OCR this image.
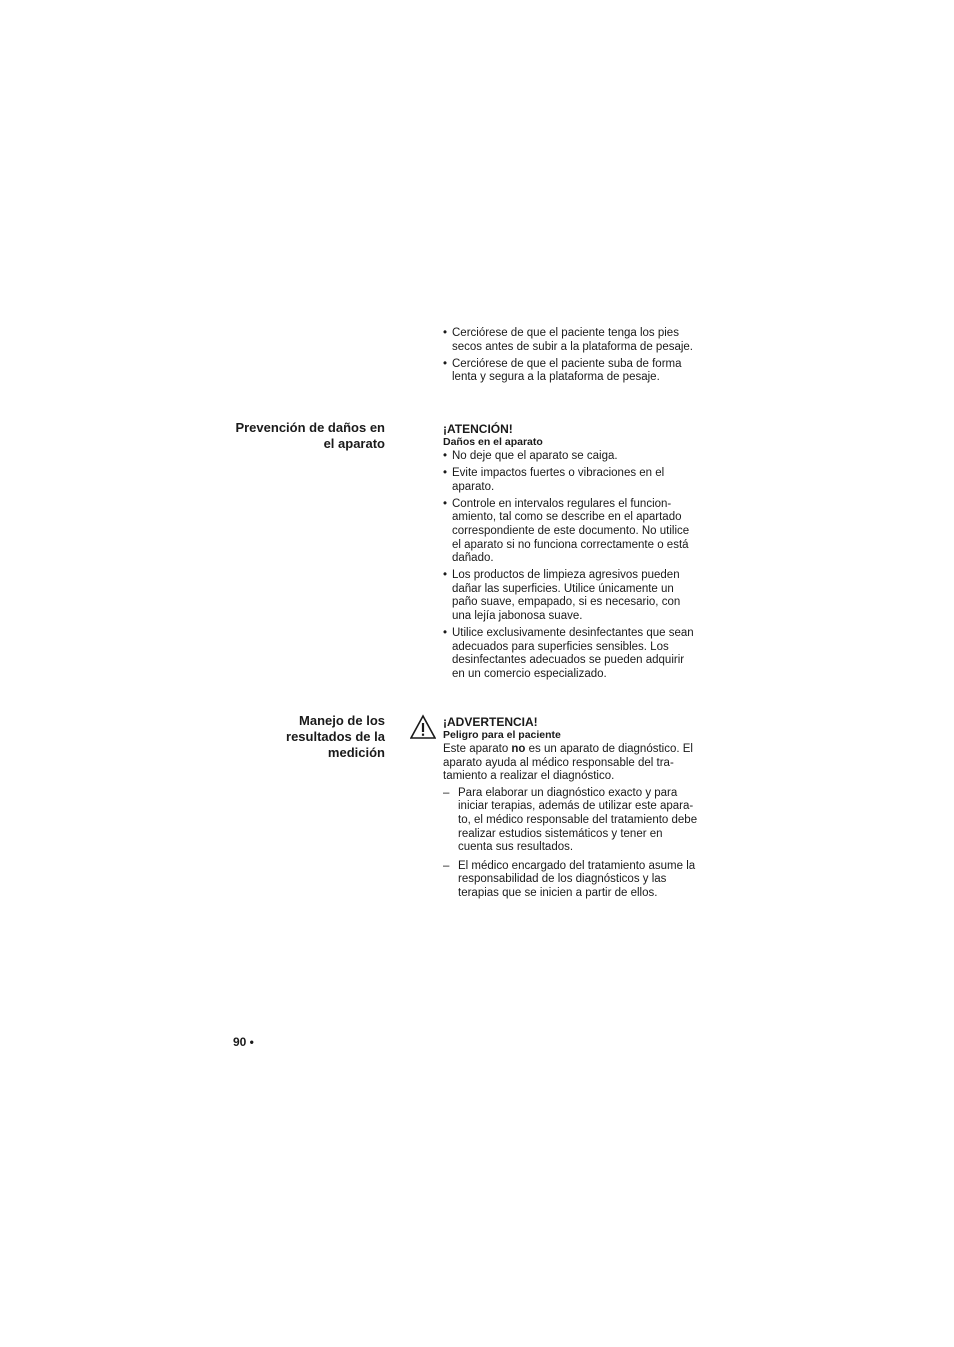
• Cerciórese de que el paciente tenga los pies secos antes de subir a la plataforma de pesaje.
• Cerciórese de que el paciente suba de forma lenta y segura a la plataforma de pesaje.
Prevención de daños en
el aparato

¡ATENCIÓN!

Daños en el aparato

• No deje que el aparato se caiga.
• Evite impactos fuertes o vibraciones en el aparato.
• Controle en intervalos regulares el funcion-amiento, tal como se describe en el apartado correspondiente de este documento. No utilice el aparato si no funciona correctamente o está dañado.
• Los productos de limpieza agresivos pueden dañar las superficies. Utilice únicamente un paño suave, empapado, si es necesario, con una lejía jabonosa suave.
• Utilice exclusivamente desinfectantes que sean adecuados para superficies sensibles. Los desinfectantes adecuados se pueden adquirir en un comercio especializado.
Manejo de los
resultados de la
medición

¡ADVERTENCIA!

Peligro para el paciente

Este aparato no es un aparato de diagnóstico. El aparato ayuda al médico responsable del tra-tamiento a realizar el diagnóstico.

– Para elaborar un diagnóstico exacto y para iniciar terapias, además de utilizar este apara-to, el médico responsable del tratamiento debe realizar estudios sistemáticos y tener en cuenta sus resultados.
– El médico encargado del tratamiento asume la responsabilidad de los diagnósticos y las terapias que se inicien a partir de ellos.
90 •
